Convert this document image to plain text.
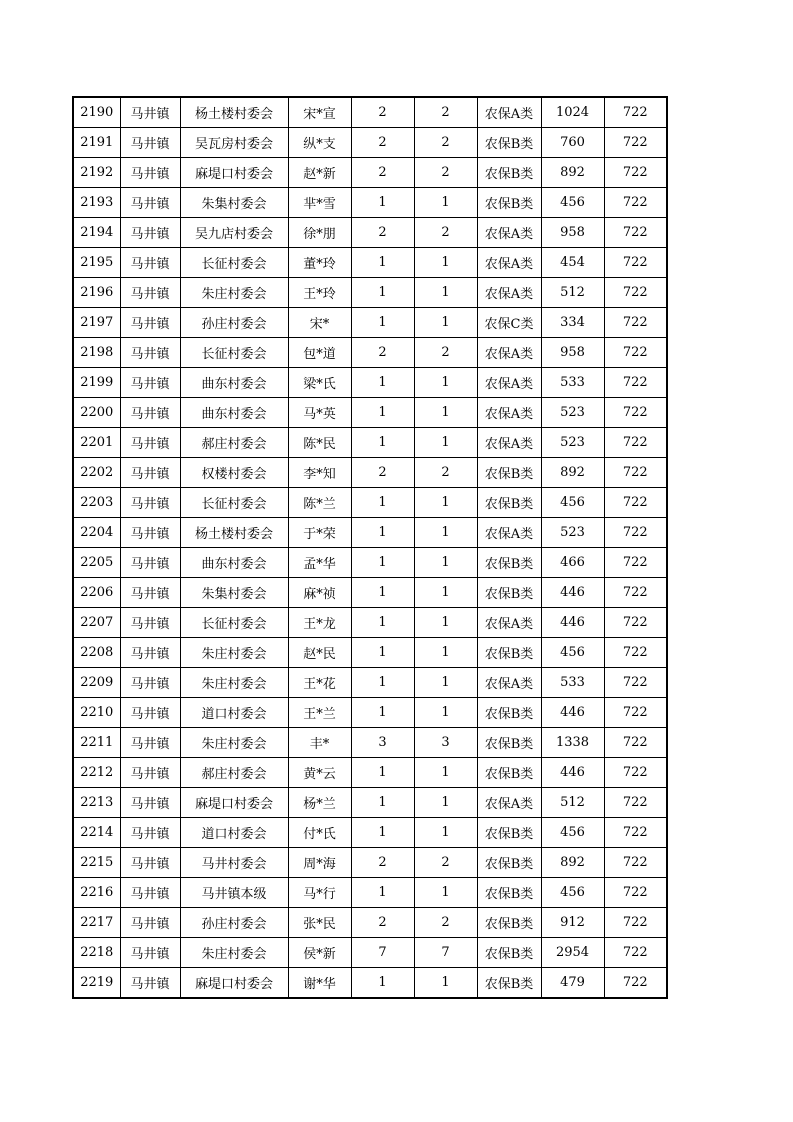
2190	马井镇	杨土楼村委会	宋*宣	2	2	农保A类	1024	722
2191	马井镇	吴瓦房村委会	纵*支	2	2	农保B类	760	722
2192	马井镇	麻堤口村委会	赵*新	2	2	农保B类	892	722
2193	马井镇	朱集村委会	芈*雪	1	1	农保B类	456	722
2194	马井镇	吴九店村委会	徐*朋	2	2	农保A类	958	722
2195	马井镇	长征村委会	董*玲	1	1	农保A类	454	722
2196	马井镇	朱庄村委会	王*玲	1	1	农保A类	512	722
2197	马井镇	孙庄村委会	宋*	1	1	农保C类	334	722
2198	马井镇	长征村委会	包*道	2	2	农保A类	958	722
2199	马井镇	曲东村委会	梁*氏	1	1	农保A类	533	722
2200	马井镇	曲东村委会	马*英	1	1	农保A类	523	722
2201	马井镇	郝庄村委会	陈*民	1	1	农保A类	523	722
2202	马井镇	权楼村委会	李*知	2	2	农保B类	892	722
2203	马井镇	长征村委会	陈*兰	1	1	农保B类	456	722
2204	马井镇	杨土楼村委会	于*荣	1	1	农保A类	523	722
2205	马井镇	曲东村委会	孟*华	1	1	农保B类	466	722
2206	马井镇	朱集村委会	麻*祯	1	1	农保B类	446	722
2207	马井镇	长征村委会	王*龙	1	1	农保A类	446	722
2208	马井镇	朱庄村委会	赵*民	1	1	农保B类	456	722
2209	马井镇	朱庄村委会	王*花	1	1	农保A类	533	722
2210	马井镇	道口村委会	王*兰	1	1	农保B类	446	722
2211	马井镇	朱庄村委会	丰*	3	3	农保B类	1338	722
2212	马井镇	郝庄村委会	黄*云	1	1	农保B类	446	722
2213	马井镇	麻堤口村委会	杨*兰	1	1	农保A类	512	722
2214	马井镇	道口村委会	付*氏	1	1	农保B类	456	722
2215	马井镇	马井村委会	周*海	2	2	农保B类	892	722
2216	马井镇	马井镇本级	马*行	1	1	农保B类	456	722
2217	马井镇	孙庄村委会	张*民	2	2	农保B类	912	722
2218	马井镇	朱庄村委会	侯*新	7	7	农保B类	2954	722
2219	马井镇	麻堤口村委会	谢*华	1	1	农保B类	479	722
